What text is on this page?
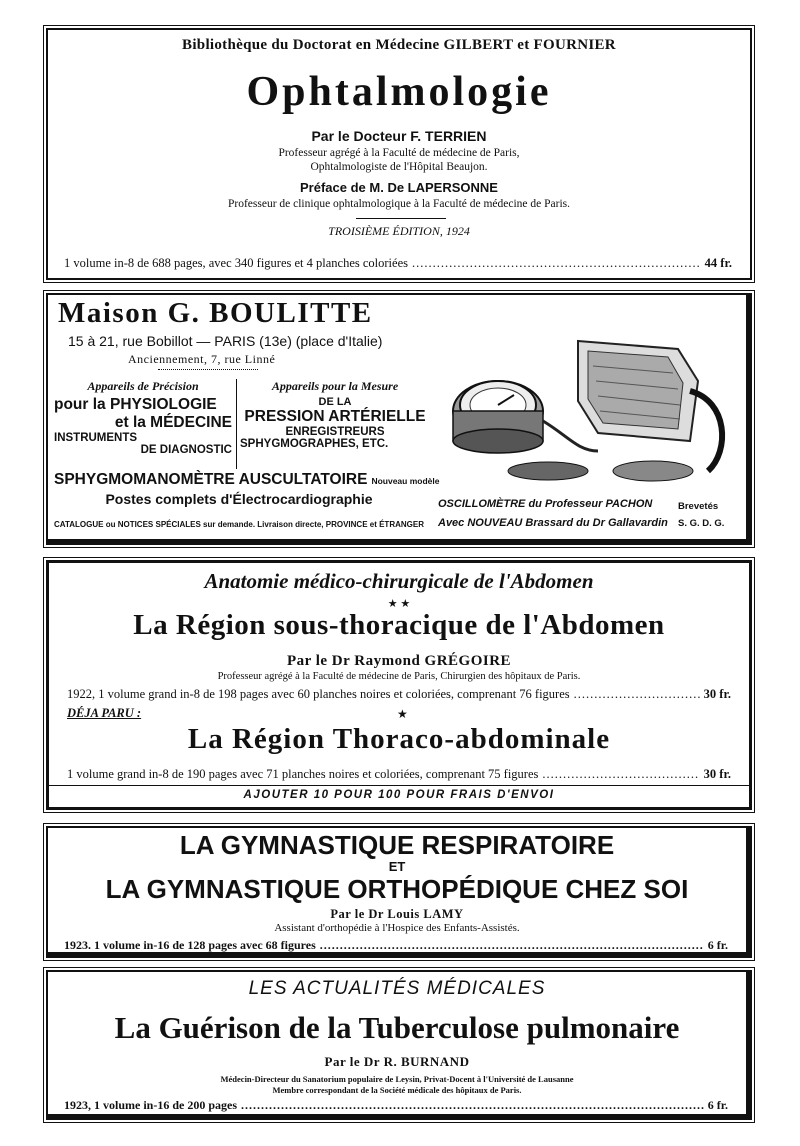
Bibliothèque du Doctorat en Médecine GILBERT et FOURNIER
Ophtalmologie
Par le Docteur F. TERRIEN
Professeur agrégé à la Faculté de médecine de Paris,
Ophtalmologiste de l'Hôpital Beaujon.
Préface de M. De LAPERSONNE
Professeur de clinique ophtalmologique à la Faculté de médecine de Paris.
TROISIÈME ÉDITION, 1924
1 volume in-8 de 688 pages, avec 340 figures et 4 planches coloriées .....	44 fr.
Maison G. BOULITTE
15 à 21, rue Bobillot — PARIS (13e) (place d'Italie)
Anciennement, 7, rue Linné
Appareils de Précision
pour la PHYSIOLOGIE
et la MÉDECINE
INSTRUMENTS
DE DIAGNOSTIC
Appareils pour la Mesure
DE LA
PRESSION ARTÉRIELLE
ENREGISTREURS
SPHYGMOGRAPHES, ETC.
SPHYGMOMANOMÈTRE AUSCULTATOIRE Nouveau modèle
Postes complets d'Électrocardiographie
CATALOGUE ou NOTICES SPÉCIALES sur demande. Livraison directe, PROVINCE et ÉTRANGER
OSCILLOMÈTRE du Professeur PACHON
Avec NOUVEAU Brassard du Dr Gallavardin
Brevetés
S. G. D. G.
Anatomie médico-chirurgicale de l'Abdomen
★ ★
La Région sous-thoracique de l'Abdomen
Par le Dr Raymond GRÉGOIRE
Professeur agrégé à la Faculté de médecine de Paris, Chirurgien des hôpitaux de Paris.
1922, 1 volume grand in-8 de 198 pages avec 60 planches noires et coloriées, comprenant 76 figures .....	30 fr.
DÉJA PARU :	★
La Région Thoraco-abdominale
1 volume grand in-8 de 190 pages avec 71 planches noires et coloriées, comprenant 75 figures .....	30 fr.
AJOUTER 10 POUR 100 POUR FRAIS D'ENVOI
LA GYMNASTIQUE RESPIRATOIRE
ET
LA GYMNASTIQUE ORTHOPÉDIQUE CHEZ SOI
Par le Dr Louis LAMY
Assistant d'orthopédie à l'Hospice des Enfants-Assistés.
1923. 1 volume in-16 de 128 pages avec 68 figures .....	6 fr.
LES ACTUALITÉS MÉDICALES
La Guérison de la Tuberculose pulmonaire
Par le Dr R. BURNAND
Médecin-Directeur du Sanatorium populaire de Leysin, Privat-Docent à l'Université de Lausanne
Membre correspondant de la Société médicale des hôpitaux de Paris.
1923, 1 volume in-16 de 200 pages .....	6 fr.
